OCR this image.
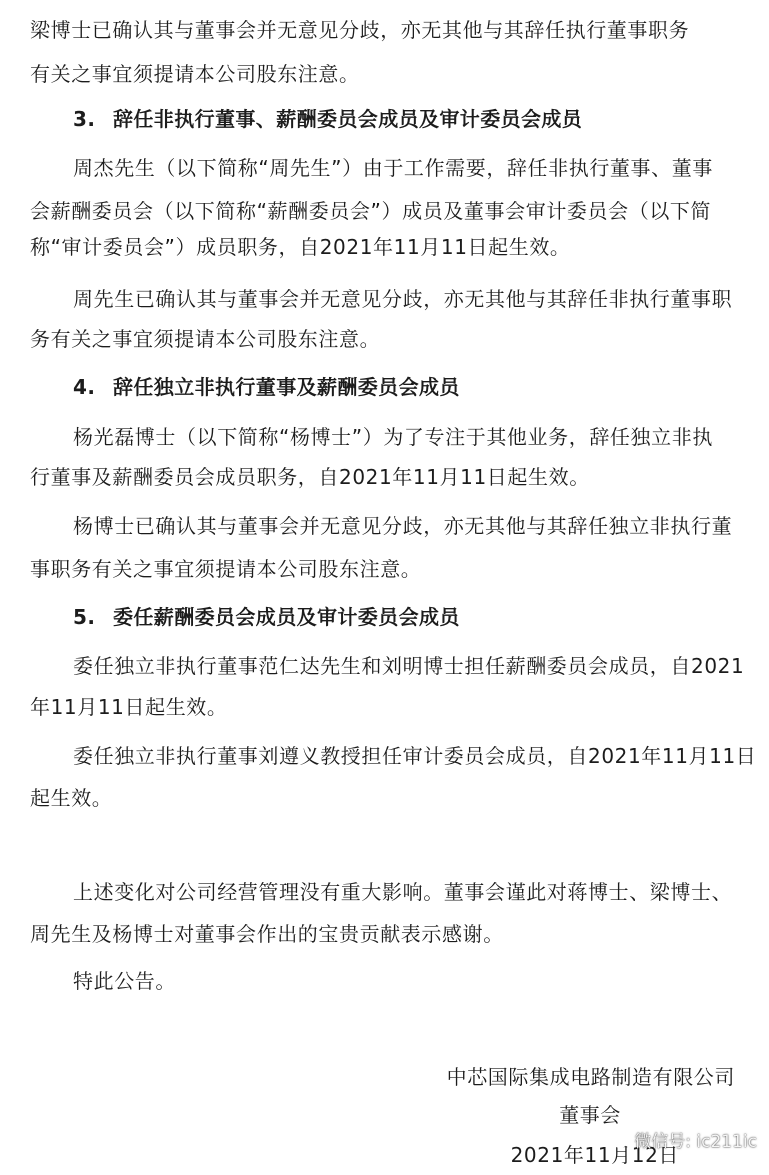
梁博士已确认其与董事会并无意见分歧，亦无其他与其辞任执行董事职务
有关之事宜须提请本公司股东注意。
3. 辞任非执行董事、薪酬委员会成员及审计委员会成员
周杰先生（以下简称“周先生”）由于工作需要，辞任非执行董事、董事
会薪酬委员会（以下简称“薪酬委员会”）成员及董事会审计委员会（以下简
称“审计委员会”）成员职务，自2021年11月11日起生效。
周先生已确认其与董事会并无意见分歧，亦无其他与其辞任非执行董事职
务有关之事宜须提请本公司股东注意。
4. 辞任独立非执行董事及薪酬委员会成员
杨光磊博士（以下简称“杨博士”）为了专注于其他业务，辞任独立非执
行董事及薪酬委员会成员职务，自2021年11月11日起生效。
杨博士已确认其与董事会并无意见分歧，亦无其他与其辞任独立非执行董
事职务有关之事宜须提请本公司股东注意。
5. 委任薪酬委员会成员及审计委员会成员
委任独立非执行董事范仁达先生和刘明博士担任薪酬委员会成员，自2021
年11月11日起生效。
委任独立非执行董事刘遵义教授担任审计委员会成员，自2021年11月11日
起生效。
上述变化对公司经营管理没有重大影响。董事会谨此对蒋博士、梁博士、
周先生及杨博士对董事会作出的宝贵贡献表示感谢。
特此公告。
中芯国际集成电路制造有限公司
董事会
2021年11月12日
微信号: ic211ic
